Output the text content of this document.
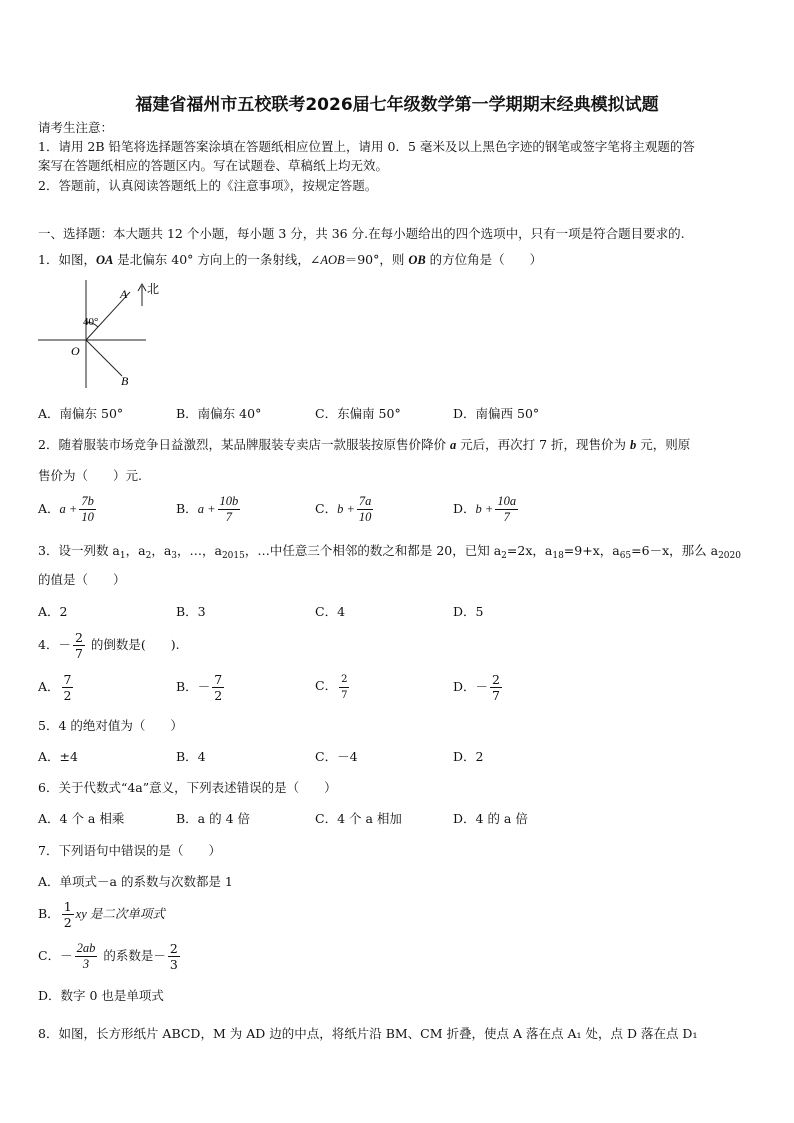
福建省福州市五校联考2026届七年级数学第一学期期末经典模拟试题
请考生注意：
1．请用 2B 铅笔将选择题答案涂填在答题纸相应位置上，请用 0．5 毫米及以上黑色字迹的钢笔或签字笔将主观题的答
案写在答题纸相应的答题区内。写在试题卷、草稿纸上均无效。
2．答题前，认真阅读答题纸上的《注意事项》，按规定答题。
一、选择题：本大题共 12 个小题，每小题 3 分，共 36 分.在每小题给出的四个选项中，只有一项是符合题目要求的.
1．如图，OA 是北偏东 40° 方向上的一条射线，∠AOB＝90°，则 OB 的方位角是（　　）
北
A
40°
O
B
A．南偏东 50°	B．南偏东 40°	C．东偏南 50°	D．南偏西 50°
2．随着服装市场竞争日益激烈，某品牌服装专卖店一款服装按原售价降价 a 元后，再次打 7 折，现售价为 b 元，则原
售价为（　　）元.
A．$a + \frac{7b}{10}$	B．$a + \frac{10b}{7}$	C．$b + \frac{7a}{10}$	D．$b + \frac{10a}{7}$
3．设一列数 $a_1$，$a_2$，$a_3$，…，$a_{2015}$，…中任意三个相邻的数之和都是 20，已知 $a_2=2x$，$a_{18}=9+x$，$a_{65}=6-x$，那么 $a_{2020}$
的值是（　　）
A．2	B．3	C．4	D．5
4．－ $\frac{2}{7}$ 的倒数是(　　).
A． $\frac{7}{2}$	B．－ $\frac{7}{2}$	C． $\frac{2}{7}$	D．－ $\frac{2}{7}$
5．4 的绝对值为（　　）
A．±4	B．4	C．－4	D．2
6．关于代数式“4a”意义，下列表述错误的是（　　）
A．4 个 a 相乘	B．a 的 4 倍	C．4 个 a 相加	D．4 的 a 倍
7．下列语句中错误的是（　　）
A．单项式－a 的系数与次数都是 1
B． $\frac{1}{2}$ xy 是二次单项式
C．－ $\frac{2ab}{3}$ 的系数是－ $\frac{2}{3}$
D．数字 0 也是单项式
8．如图，长方形纸片 ABCD，M 为 AD 边的中点，将纸片沿 BM、CM 折叠，使点 A 落在点 A₁ 处，点 D 落在点 D₁
